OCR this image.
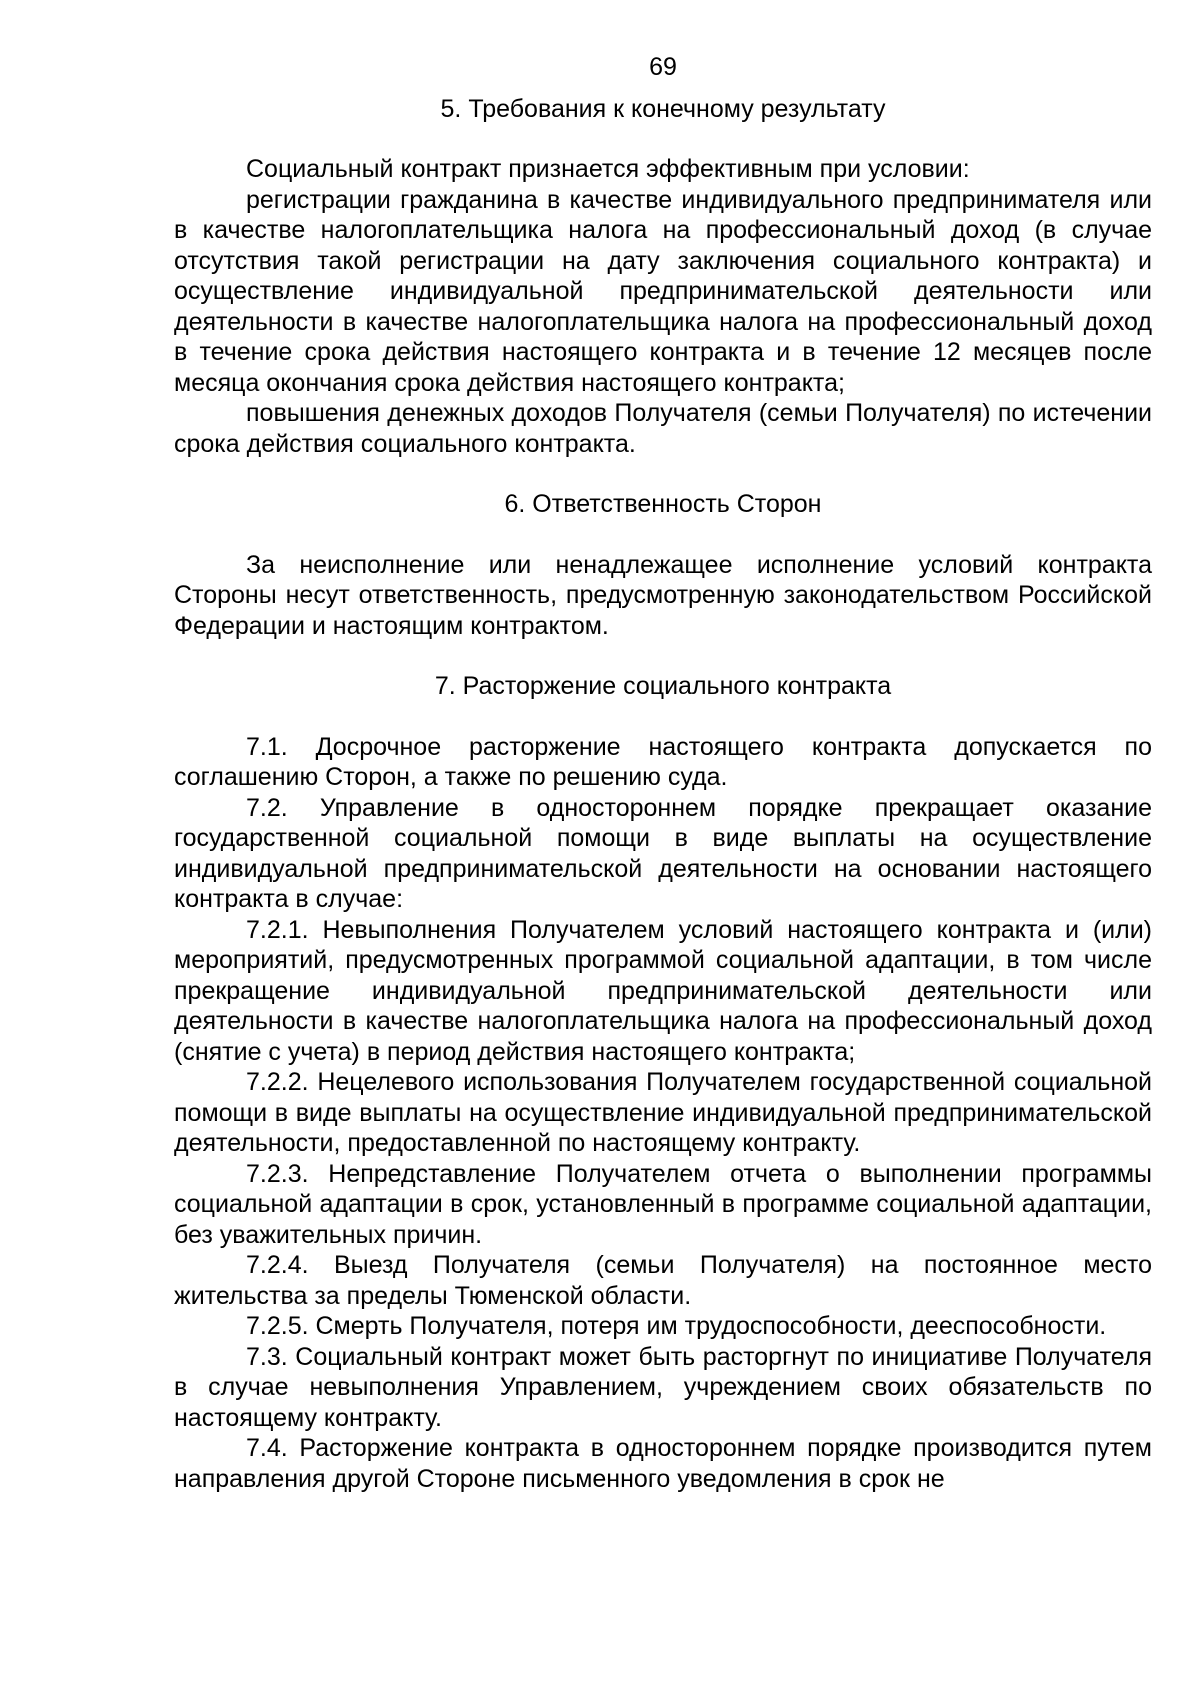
69
5. Требования к конечному результату

Социальный контракт признается эффективным при условии:

регистрации гражданина в качестве индивидуального предпринимателя или в качестве налогоплательщика налога на профессиональный доход (в случае отсутствия такой регистрации на дату заключения социального контракта) и осуществление индивидуальной предпринимательской деятельности или деятельности в качестве налогоплательщика налога на профессиональный доход в течение срока действия настоящего контракта и в течение 12 месяцев после месяца окончания срока действия настоящего контракта;

повышения денежных доходов Получателя (семьи Получателя) по истечении срока действия социального контракта.

6. Ответственность Сторон

За неисполнение или ненадлежащее исполнение условий контракта Стороны несут ответственность, предусмотренную законодательством Российской Федерации и настоящим контрактом.

7. Расторжение социального контракта

7.1. Досрочное расторжение настоящего контракта допускается по соглашению Сторон, а также по решению суда.

7.2. Управление в одностороннем порядке прекращает оказание государственной социальной помощи в виде выплаты на осуществление индивидуальной предпринимательской деятельности на основании настоящего контракта в случае:

7.2.1. Невыполнения Получателем условий настоящего контракта и (или) мероприятий, предусмотренных программой социальной адаптации, в том числе прекращение индивидуальной предпринимательской деятельности или деятельности в качестве налогоплательщика налога на профессиональный доход (снятие с учета) в период действия настоящего контракта;

7.2.2. Нецелевого использования Получателем государственной социальной помощи в виде выплаты на осуществление индивидуальной предпринимательской деятельности, предоставленной по настоящему контракту.

7.2.3. Непредставление Получателем отчета о выполнении программы социальной адаптации в срок, установленный в программе социальной адаптации, без уважительных причин.

7.2.4. Выезд Получателя (семьи Получателя) на постоянное место жительства за пределы Тюменской области.

7.2.5. Смерть Получателя, потеря им трудоспособности, дееспособности.

7.3. Социальный контракт может быть расторгнут по инициативе Получателя в случае невыполнения Управлением, учреждением своих обязательств по настоящему контракту.

7.4. Расторжение контракта в одностороннем порядке производится путем направления другой Стороне письменного уведомления в срок не
